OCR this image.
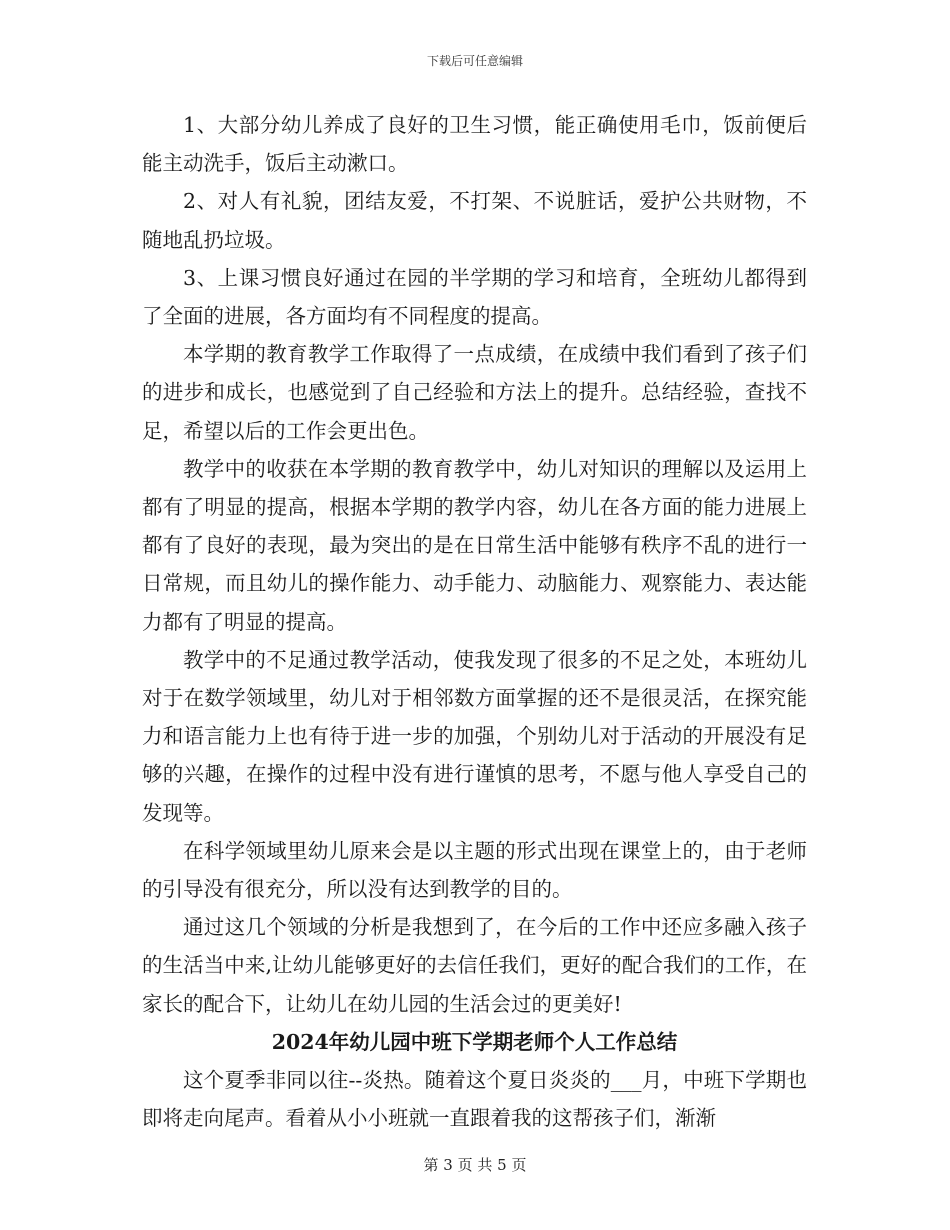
下载后可任意编辑

1、大部分幼儿养成了良好的卫生习惯，能正确使用毛巾，饭前便后能主动洗手，饭后主动漱口。

2、对人有礼貌，团结友爱，不打架、不说脏话，爱护公共财物，不随地乱扔垃圾。

3、上课习惯良好通过在园的半学期的学习和培育，全班幼儿都得到了全面的进展，各方面均有不同程度的提高。

本学期的教育教学工作取得了一点成绩，在成绩中我们看到了孩子们的进步和成长，也感觉到了自己经验和方法上的提升。总结经验，查找不足，希望以后的工作会更出色。

教学中的收获在本学期的教育教学中，幼儿对知识的理解以及运用上都有了明显的提高，根据本学期的教学内容，幼儿在各方面的能力进展上都有了良好的表现，最为突出的是在日常生活中能够有秩序不乱的进行一日常规，而且幼儿的操作能力、动手能力、动脑能力、观察能力、表达能力都有了明显的提高。

教学中的不足通过教学活动，使我发现了很多的不足之处，本班幼儿对于在数学领域里，幼儿对于相邻数方面掌握的还不是很灵活，在探究能力和语言能力上也有待于进一步的加强，个别幼儿对于活动的开展没有足够的兴趣，在操作的过程中没有进行谨慎的思考，不愿与他人享受自己的发现等。

在科学领域里幼儿原来会是以主题的形式出现在课堂上的，由于老师的引导没有很充分，所以没有达到教学的目的。

通过这几个领域的分析是我想到了，在今后的工作中还应多融入孩子的生活当中来,让幼儿能够更好的去信任我们，更好的配合我们的工作，在家长的配合下，让幼儿在幼儿园的生活会过的更美好!

2024年幼儿园中班下学期老师个人工作总结

这个夏季非同以往--炎热。随着这个夏日炎炎的___月，中班下学期也即将走向尾声。看着从小小班就一直跟着我的这帮孩子们，渐渐

第 3 页 共 5 页
